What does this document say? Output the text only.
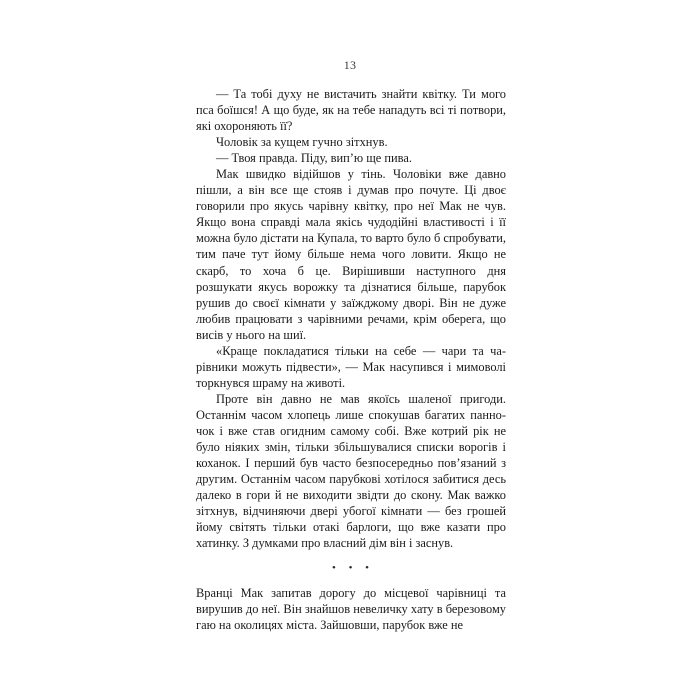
13

— Та тобі духу не вистачить знайти квітку. Ти мого пса боїшся! А що буде, як на тебе нападуть всі ті потвори, які охороняють її?

Чоловік за кущем гучно зітхнув.

— Твоя правда. Піду, вип’ю ще пива.

Мак швидко відійшов у тінь. Чоловіки вже давно пішли, а він все ще стояв і думав про почуте. Ці двоє говорили про якусь чарівну квітку, про неї Мак не чув. Якщо вона справді мала якісь чудодійні властивості і її можна було дістати на Купала, то варто було б спробувати, тим паче тут йому більше нема чого ловити. Якщо не скарб, то хоча б це. Вирішивши наступного дня розшукати якусь ворожку та дізнатися більше, парубок рушив до своєї кімнати у заїжджому дворі. Він не дуже любив працювати з чарівними речами, крім оберега, що висів у нього на шиї.

«Краще покладатися тільки на себе — чари та чарівники можуть підвести», — Мак насупився і мимоволі торкнувся шраму на животі.

Проте він давно не мав якоїсь шаленої пригоди. Останнім часом хлопець лише спокушав багатих панночок і вже став огидним самому собі. Вже котрий рік не було ніяких змін, тільки збільшувалися списки ворогів і коханок. І перший був часто безпосередньо пов’язаний з другим. Останнім часом парубкові хотілося забитися десь далеко в гори й не виходити звідти до скону. Мак важко зітхнув, відчиняючи двері убогої кімнати — без грошей йому світять тільки отакі барлоги, що вже казати про хатинку. З думками про власний дім він і заснув.

• • •

Вранці Мак запитав дорогу до місцевої чарівниці та вирушив до неї. Він знайшов невеличку хату в березовому гаю на околицях міста. Зайшовши, парубок вже не
